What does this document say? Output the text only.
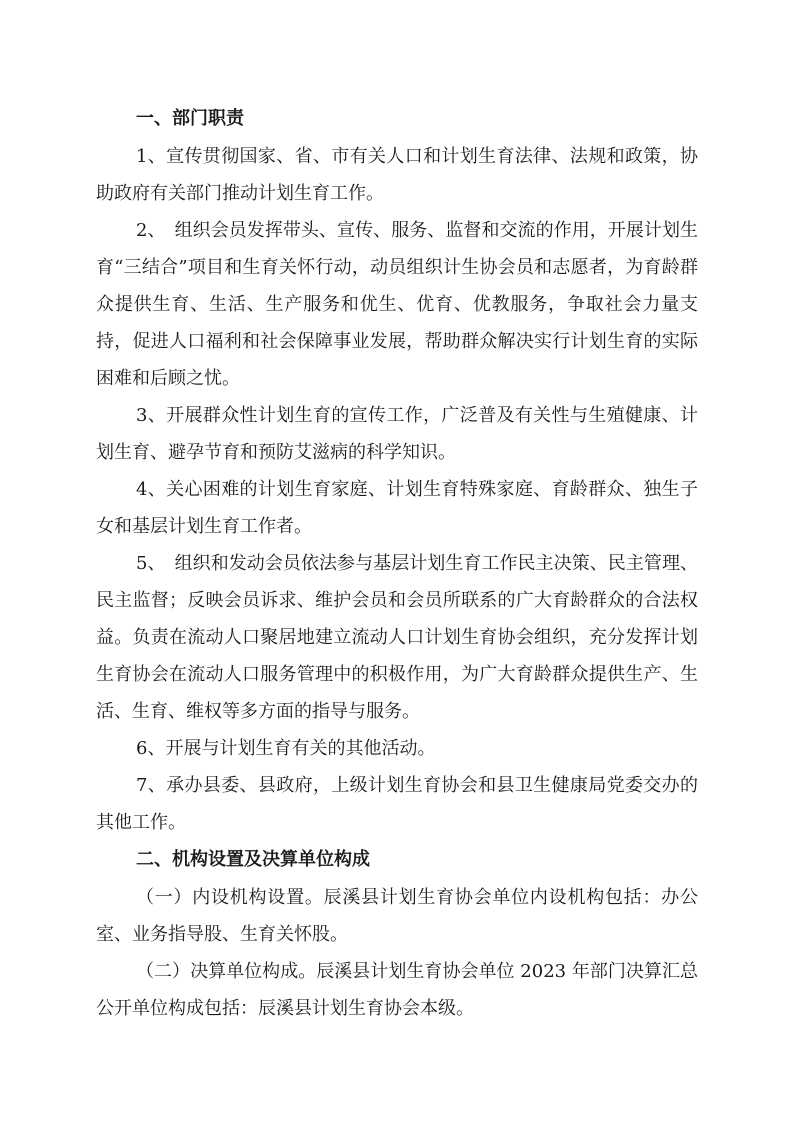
一、部门职责

1、宣传贯彻国家、省、市有关人口和计划生育法律、法规和政策，协助政府有关部门推动计划生育工作。

2、　组织会员发挥带头、宣传、服务、监督和交流的作用，开展计划生育“三结合”项目和生育关怀行动，动员组织计生协会员和志愿者，为育龄群众提供生育、生活、生产服务和优生、优育、优教服务，争取社会力量支持，促进人口福利和社会保障事业发展，帮助群众解决实行计划生育的实际困难和后顾之忧。

3、开展群众性计划生育的宣传工作，广泛普及有关性与生殖健康、计划生育、避孕节育和预防艾滋病的科学知识。

4、关心困难的计划生育家庭、计划生育特殊家庭、育龄群众、独生子女和基层计划生育工作者。

5、　组织和发动会员依法参与基层计划生育工作民主决策、民主管理、民主监督；反映会员诉求、维护会员和会员所联系的广大育龄群众的合法权益。负责在流动人口聚居地建立流动人口计划生育协会组织，充分发挥计划生育协会在流动人口服务管理中的积极作用，为广大育龄群众提供生产、生活、生育、维权等多方面的指导与服务。

6、开展与计划生育有关的其他活动。

7、承办县委、县政府，上级计划生育协会和县卫生健康局党委交办的其他工作。

二、机构设置及决算单位构成

（一）内设机构设置。辰溪县计划生育协会单位内设机构包括：办公室、业务指导股、生育关怀股。

（二）决算单位构成。辰溪县计划生育协会单位 2023 年部门决算汇总公开单位构成包括：辰溪县计划生育协会本级。
